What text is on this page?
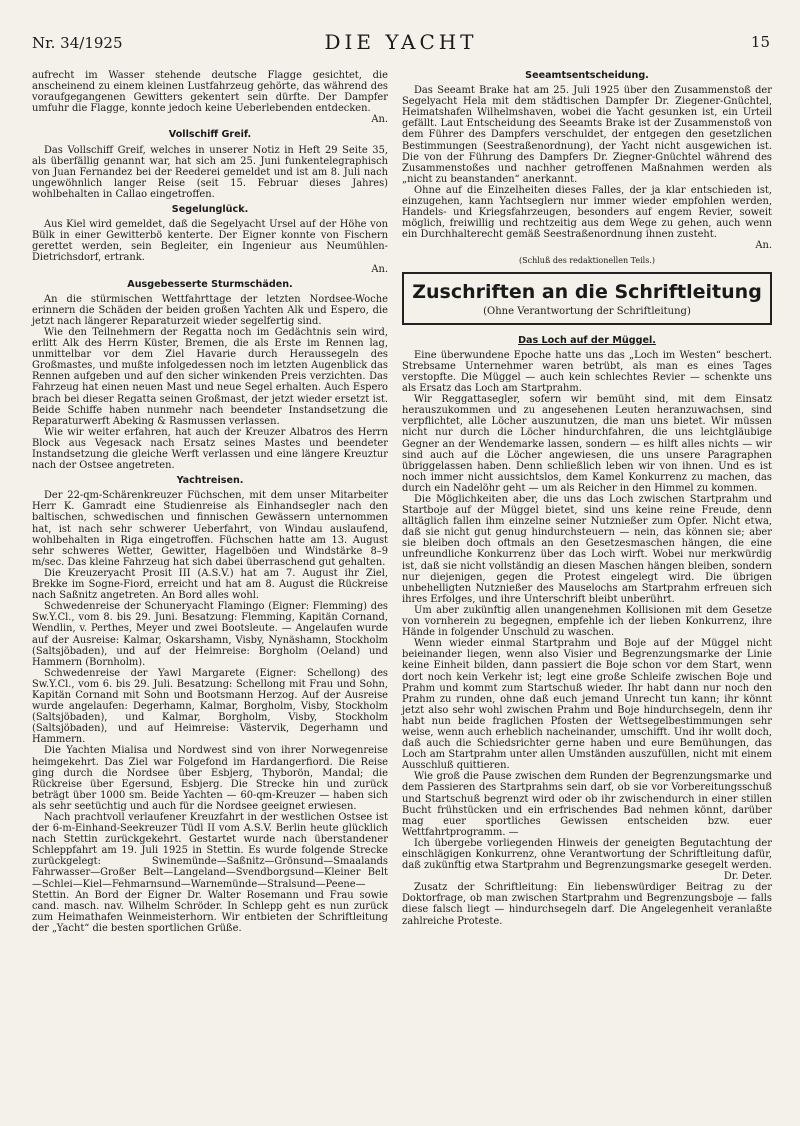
Nr. 34/1925	DIE YACHT	15

aufrecht im Wasser stehende deutsche Flagge gesichtet, die anscheinend zu einem kleinen Lustfahrzeug gehörte, das während des voraufgegangenen Gewitters gekentert sein dürfte. Der Dampfer umfuhr die Flagge, konnte jedoch keine Ueberlebenden entdecken.

An.
Vollschiff Greif.

Das Vollschiff Greif, welches in unserer Notiz in Heft 29 Seite 35, als überfällig genannt war, hat sich am 25. Juni funkentelegraphisch von Juan Fernandez bei der Reederei gemeldet und ist am 8. Juli nach ungewöhnlich langer Reise (seit 15. Februar dieses Jahres) wohlbehalten in Callao eingetroffen.

Segelunglück.

Aus Kiel wird gemeldet, daß die Segelyacht Ursel auf der Höhe von Bülk in einer Gewitterbö kenterte. Der Eigner konnte von Fischern gerettet werden, sein Begleiter, ein Ingenieur aus Neumühlen-Dietrichsdorf, ertrank.

An.
Ausgebesserte Sturmschäden.

An die stürmischen Wettfahrttage der letzten Nordsee-Woche erinnern die Schäden der beiden großen Yachten Alk und Espero, die jetzt nach längerer Reparaturzeit wieder segelfertig sind.

Wie den Teilnehmern der Regatta noch im Gedächtnis sein wird, erlitt Alk des Herrn Küster, Bremen, die als Erste im Rennen lag, unmittelbar vor dem Ziel Havarie durch Heraussegeln des Großmastes, und mußte infolgedessen noch im letzten Augenblick das Rennen aufgeben und auf den sicher winkenden Preis verzichten. Das Fahrzeug hat einen neuen Mast und neue Segel erhalten. Auch Espero brach bei dieser Regatta seinen Großmast, der jetzt wieder ersetzt ist. Beide Schiffe haben nunmehr nach beendeter Instandsetzung die Reparaturwerft Abeking & Rasmussen verlassen.

Wie wir weiter erfahren, hat auch der Kreuzer Albatros des Herrn Block aus Vegesack nach Ersatz seines Mastes und beendeter Instandsetzung die gleiche Werft verlassen und eine längere Kreuztur nach der Ostsee angetreten.

Yachtreisen.

Der 22-qm-Schärenkreuzer Füchschen, mit dem unser Mitarbeiter Herr K. Gamradt eine Studienreise als Einhandsegler nach den baltischen, schwedischen und finnischen Gewässern unternommen hat, ist nach sehr schwerer Ueberfahrt, von Windau auslaufend, wohlbehalten in Riga eingetroffen. Füchschen hatte am 13. August sehr schweres Wetter, Gewitter, Hagelböen und Windstärke 8–9 m/sec. Das kleine Fahrzeug hat sich dabei überraschend gut gehalten.

Die Kreuzeryacht Prosit III (A.S.V.) hat am 7. August ihr Ziel, Brekke im Sogne-Fiord, erreicht und hat am 8. August die Rückreise nach Saßnitz angetreten. An Bord alles wohl.

Schwedenreise der Schuneryacht Flamingo (Eigner: Flemming) des Sw.Y.Cl., vom 8. bis 29. Juni. Besatzung: Flemming, Kapitän Cornand, Wendlin, v. Perthes, Meyer und zwei Bootsleute. — Angelaufen wurde auf der Ausreise: Kalmar, Oskarshamn, Visby, Nynäshamn, Stockholm (Saltsjöbaden), und auf der Heimreise: Borgholm (Oeland) und Hammern (Bornholm).

Schwedenreise der Yawl Margarete (Eigner: Schellong) des Sw.Y.Cl., vom 6. bis 29. Juli. Besatzung: Schellong mit Frau und Sohn, Kapitän Cornand mit Sohn und Bootsmann Herzog. Auf der Ausreise wurde angelaufen: Degerhamn, Kalmar, Borgholm, Visby, Stockholm (Saltsjöbaden), und Kalmar, Borgholm, Visby, Stockholm (Saltsjöbaden), und auf Heimreise: Västervik, Degerhamn und Hammern.

Die Yachten Mialisa und Nordwest sind von ihrer Norwegenreise heimgekehrt. Das Ziel war Folgefond im Hardangerfiord. Die Reise ging durch die Nordsee über Esbjerg, Thyborön, Mandal; die Rückreise über Egersund, Esbjerg. Die Strecke hin und zurück beträgt über 1000 sm. Beide Yachten — 60-qm-Kreuzer — haben sich als sehr seetüchtig und auch für die Nordsee geeignet erwiesen.

Nach prachtvoll verlaufener Kreuzfahrt in der westlichen Ostsee ist der 6-m-Einhand-Seekreuzer Tüdl II vom A.S.V. Berlin heute glücklich nach Stettin zurückgekehrt. Gestartet wurde nach überstandener Schleppfahrt am 19. Juli 1925 in Stettin. Es wurde folgende Strecke zurückgelegt: Swinemünde—Saßnitz—Grönsund—Smaalands Fahrwasser—Großer Belt—Langeland—Svendborgsund—Kleiner Belt—Schlei—Kiel—Fehmarnsund—Warnemünde—Stralsund—Peene—Stettin. An Bord der Eigner Dr. Walter Rosemann und Frau sowie cand. masch. nav. Wilhelm Schröder. In Schlepp geht es nun zurück zum Heimathafen Weinmeisterhorn. Wir entbieten der Schriftleitung der „Yacht“ die besten sportlichen Grüße.

Seeamtsentscheidung.

Das Seeamt Brake hat am 25. Juli 1925 über den Zusammenstoß der Segelyacht Hela mit dem städtischen Dampfer Dr. Ziegener-Gnüchtel, Heimatshafen Wilhelmshaven, wobei die Yacht gesunken ist, ein Urteil gefällt. Laut Entscheidung des Seeamts Brake ist der Zusammenstoß von dem Führer des Dampfers verschuldet, der entgegen den gesetzlichen Bestimmungen (Seestraßenordnung), der Yacht nicht ausgewichen ist. Die von der Führung des Dampfers Dr. Ziegner-Gnüchtel während des Zusammenstoßes und nachher getroffenen Maßnahmen werden als „nicht zu beanstanden“ anerkannt.

Ohne auf die Einzelheiten dieses Falles, der ja klar entschieden ist, einzugehen, kann Yachtseglern nur immer wieder empfohlen werden, Handels- und Kriegsfahrzeugen, besonders auf engem Revier, soweit möglich, freiwillig und rechtzeitig aus dem Wege zu gehen, auch wenn ein Durchhalterecht gemäß Seestraßenordnung ihnen zusteht.

An.
(Schluß des redaktionellen Teils.)
Zuschriften an die Schriftleitung
(Ohne Verantwortung der Schriftleitung)
Das Loch auf der Müggel.

Eine überwundene Epoche hatte uns das „Loch im Westen“ beschert. Strebsame Unternehmer waren betrübt, als man es eines Tages verstopfte. Die Müggel — auch kein schlechtes Revier — schenkte uns als Ersatz das Loch am Startprahm.

Wir Reggattasegler, sofern wir bemüht sind, mit dem Einsatz herauszukommen und zu angesehenen Leuten heranzuwachsen, sind verpflichtet, alle Löcher auszunutzen, die man uns bietet. Wir müssen nicht nur durch die Löcher hindurchfahren, die uns leichtgläubige Gegner an der Wendemarke lassen, sondern — es hilft alles nichts — wir sind auch auf die Löcher angewiesen, die uns unsere Paragraphen übriggelassen haben. Denn schließlich leben wir von ihnen. Und es ist noch immer nicht aussichtslos, dem Kamel Konkurrenz zu machen, das durch ein Nadelöhr geht — um als Reicher in den Himmel zu kommen.

Die Möglichkeiten aber, die uns das Loch zwischen Startprahm und Startboje auf der Müggel bietet, sind uns keine reine Freude, denn alltäglich fallen ihm einzelne seiner Nutznießer zum Opfer. Nicht etwa, daß sie nicht gut genug hindurchsteuern — nein, das können sie; aber sie bleiben doch oftmals an den Gesetzesmaschen hängen, die eine unfreundliche Konkurrenz über das Loch wirft. Wobei nur merkwürdig ist, daß sie nicht vollständig an diesen Maschen hängen bleiben, sondern nur diejenigen, gegen die Protest eingelegt wird. Die übrigen unbehelligten Nutznießer des Mauselochs am Startprahm erfreuen sich ihres Erfolges, und ihre Unterschrift bleibt unberührt.

Um aber zukünftig allen unangenehmen Kollisionen mit dem Gesetze von vornherein zu begegnen, empfehle ich der lieben Konkurrenz, ihre Hände in folgender Unschuld zu waschen.

Wenn wieder einmal Startprahm und Boje auf der Müggel nicht beieinander liegen, wenn also Visier und Begrenzungsmarke der Linie keine Einheit bilden, dann passiert die Boje schon vor dem Start, wenn dort noch kein Verkehr ist; legt eine große Schleife zwischen Boje und Prahm und kommt zum Startschuß wieder. Ihr habt dann nur noch den Prahm zu runden, ohne daß euch jemand Unrecht tun kann; ihr könnt jetzt also sehr wohl zwischen Prahm und Boje hindurchsegeln, denn ihr habt nun beide fraglichen Pfosten der Wettsegelbestimmungen sehr weise, wenn auch erheblich nacheinander, umschifft. Und ihr wollt doch, daß auch die Schiedsrichter gerne haben und eure Bemühungen, das Loch am Startprahm unter allen Umständen auszufüllen, nicht mit einem Ausschluß quittieren.

Wie groß die Pause zwischen dem Runden der Begrenzungsmarke und dem Passieren des Startprahms sein darf, ob sie vor Vorbereitungsschuß und Startschuß begrenzt wird oder ob ihr zwischendurch in einer stillen Bucht frühstücken und ein erfrischendes Bad nehmen könnt, darüber mag euer sportliches Gewissen entscheiden bzw. euer Wettfahrtprogramm. —

Ich übergebe vorliegenden Hinweis der geneigten Begutachtung der einschlägigen Konkurrenz, ohne Verantwortung der Schriftleitung dafür, daß zukünftig etwa Startprahm und Begrenzungsmarke gesegelt werden.

Dr. Deter.

Zusatz der Schriftleitung: Ein liebenswürdiger Beitrag zu der Doktorfrage, ob man zwischen Startprahm und Begrenzungsboje — falls diese falsch liegt — hindurchsegeln darf. Die Angelegenheit veranlaßte zahlreiche Proteste.
